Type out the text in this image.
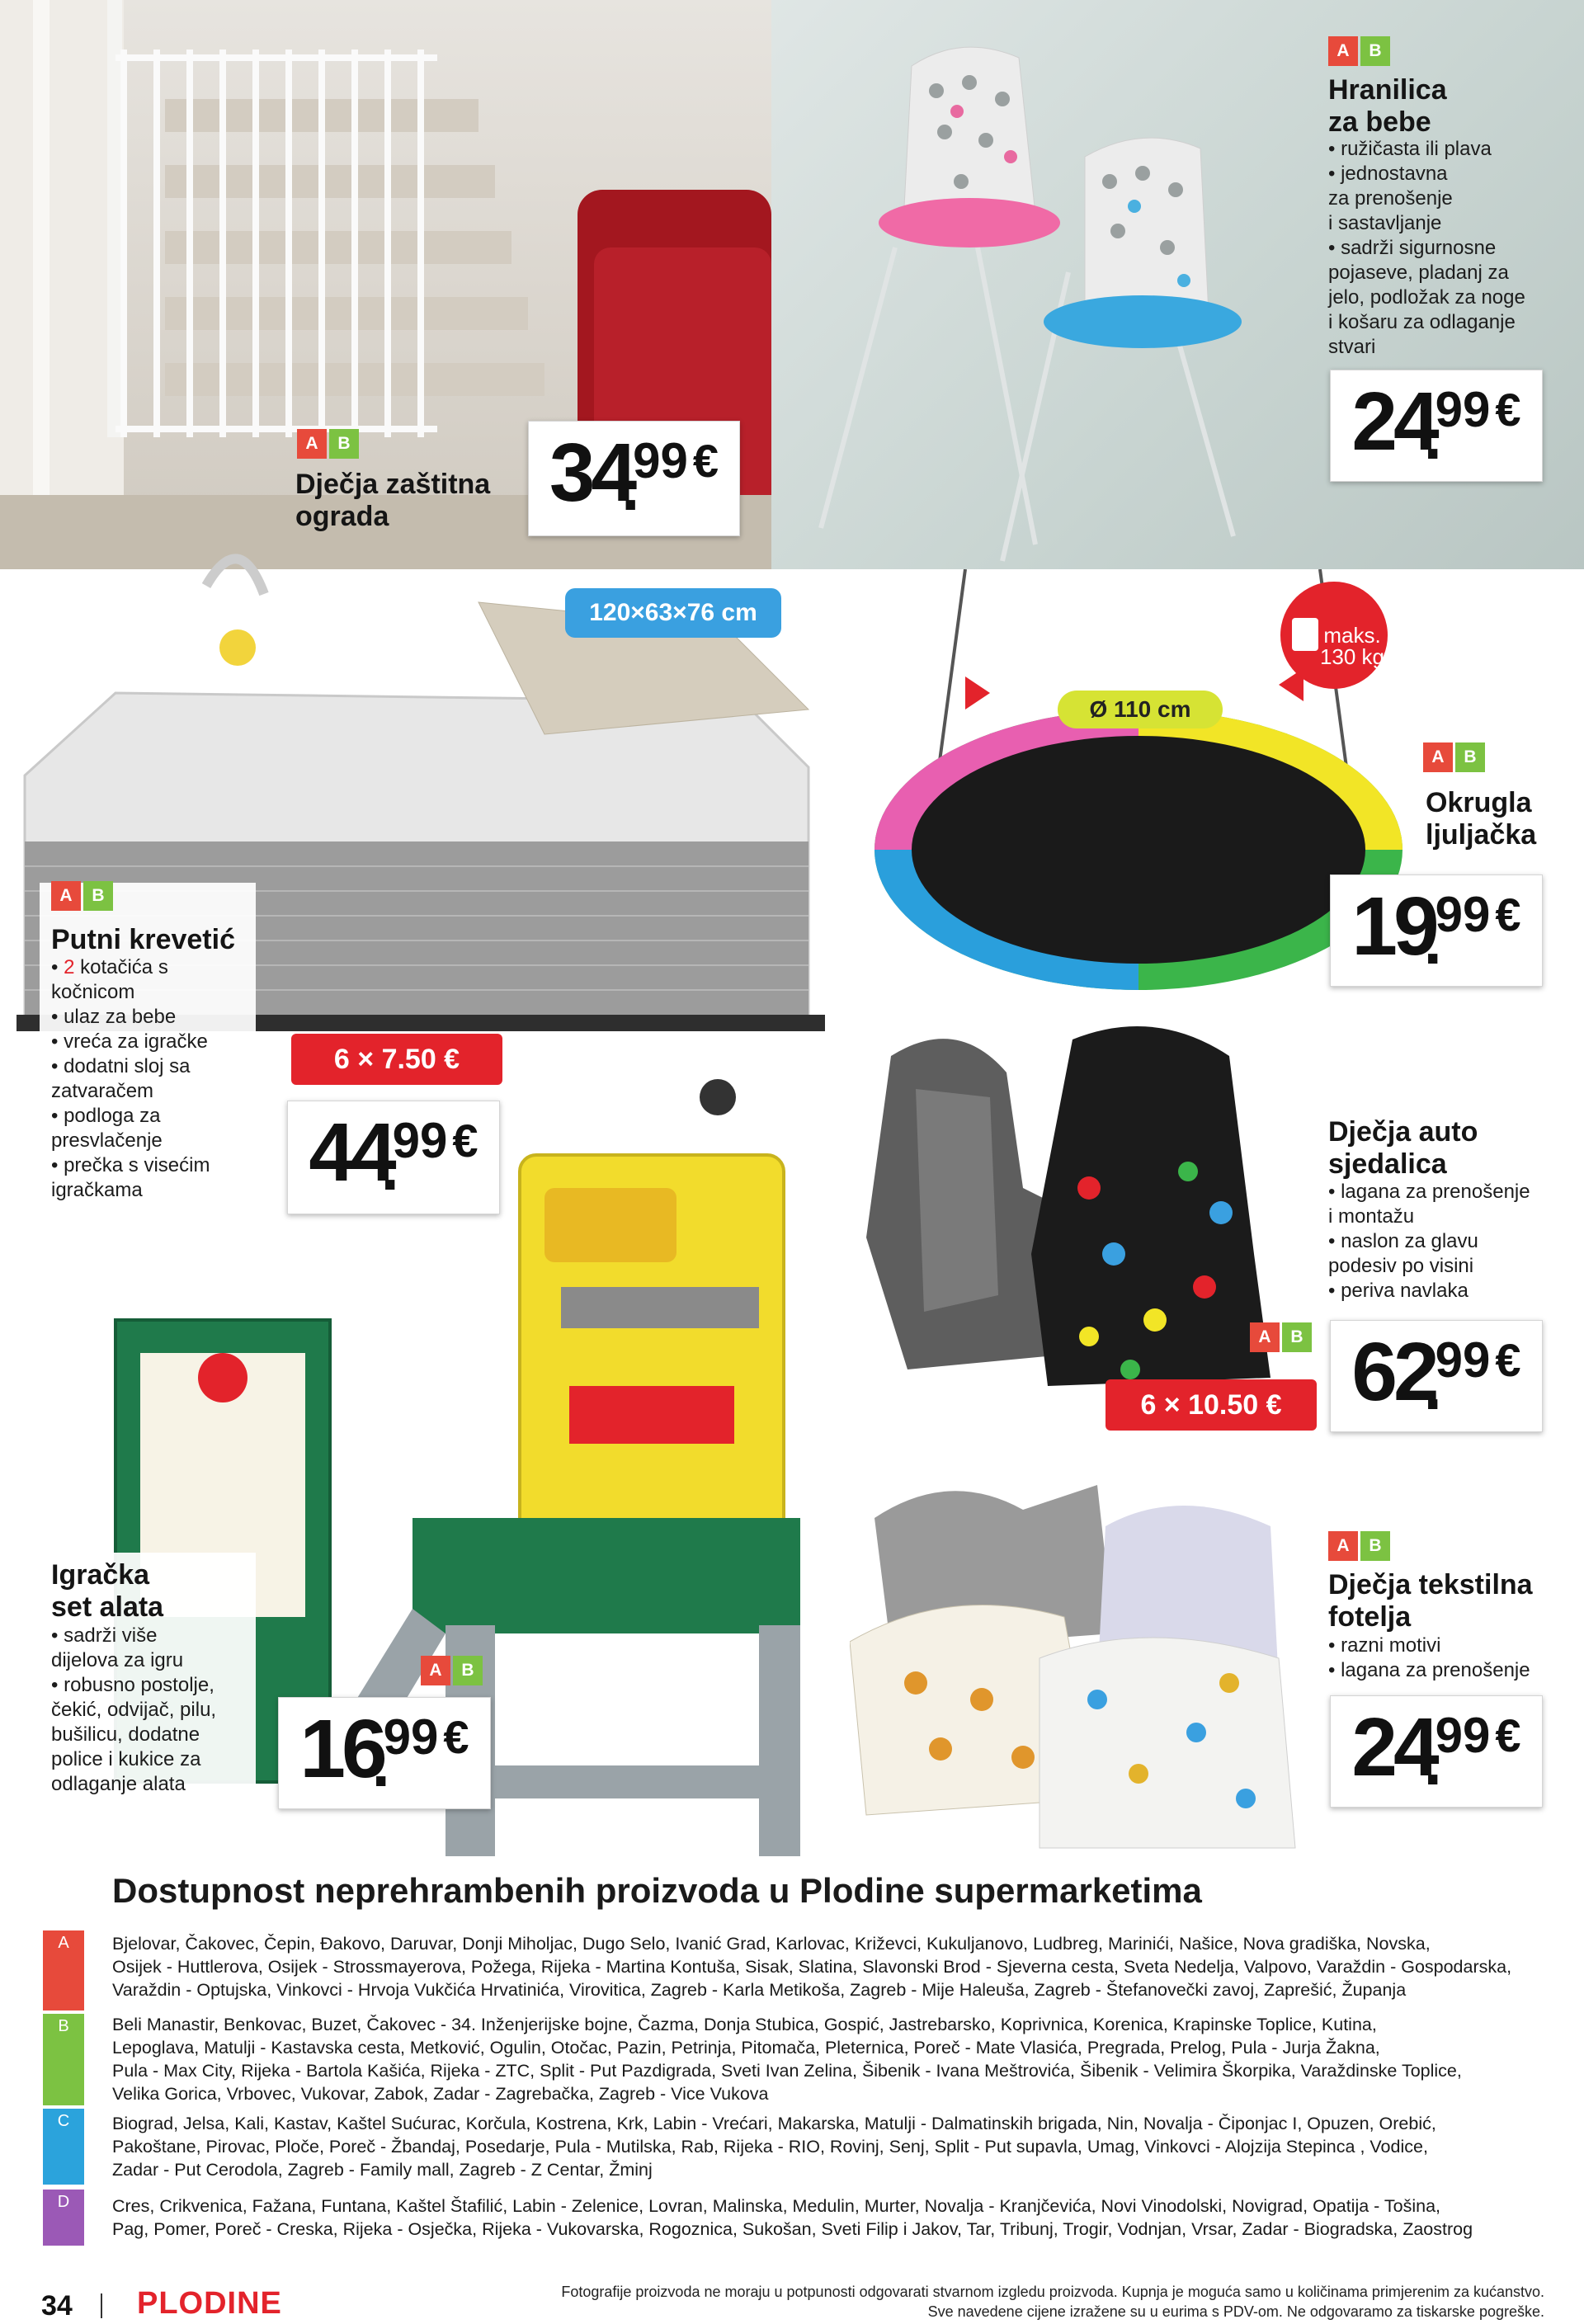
A	B
Dječja zaštitna
ograda	34 99 . €
A	B
Hranilica
za bebe
• ružičasta ili plava
• jednostavna
za prenošenje
i sastavljanje
• sadrži sigurnosne
pojaseve, pladanj za
jelo, podložak za noge
i košaru za odlaganje
stvari
24 99 . €
120×63×76 cm
A	B
Putni krevetić
• 2 kotačića s
kočnicom
• ulaz za bebe
• vreća za igračke
• dodatni sloj sa
zatvaračem
• podloga za
presvlačenje
• prečka s visećim
igračkama
6 × 7.50 €
44 99 . €
Ø 110 cm
maks.
130 kg
A	B
Okrugla
ljuljačka
19 99 . €
Dječja auto
sjedalica
• lagana za prenošenje
i montažu
• naslon za glavu
podesiv po visini
• periva navlaka
A	B
6 × 10.50 € 62 99 . €
Igračka
set alata
• sadrži više
dijelova za igru
• robusno postolje,
čekić, odvijač, pilu,
bušilicu, dodatne
police i kukice za
odlaganje alata
A	B
16 99 . €
A	B
Dječja tekstilna
fotelja
• razni motivi
• lagana za prenošenje
24 99 . €
Dostupnost neprehrambenih proizvoda u Plodine supermarketima
A Bjelovar, Čakovec, Čepin, Đakovo, Daruvar, Donji Miholjac, Dugo Selo, Ivanić Grad, Karlovac, Križevci, Kukuljanovo, Ludbreg, Marinići, Našice, Nova gradiška, Novska,
Osijek - Huttlerova, Osijek - Strossmayerova, Požega, Rijeka - Martina Kontuša, Sisak, Slatina, Slavonski Brod - Sjeverna cesta, Sveta Nedelja, Valpovo, Varaždin - Gospodarska,
Varaždin - Optujska, Vinkovci - Hrvoja Vukčića Hrvatinića, Virovitica, Zagreb - Karla Metikoša, Zagreb - Mije Haleuša, Zagreb - Štefanovečki zavoj, Zaprešić, Županja
B Beli Manastir, Benkovac, Buzet, Čakovec - 34. Inženjerijske bojne, Čazma, Donja Stubica, Gospić, Jastrebarsko, Koprivnica, Korenica, Krapinske Toplice, Kutina,
Lepoglava, Matulji - Kastavska cesta, Metković, Ogulin, Otočac, Pazin, Petrinja, Pitomača, Pleternica, Poreč - Mate Vlasića, Pregrada, Prelog, Pula - Jurja Žakna,
Pula - Max City, Rijeka - Bartola Kašića, Rijeka - ZTC, Split - Put Pazdigrada, Sveti Ivan Zelina, Šibenik - Ivana Meštrovića, Šibenik - Velimira Škorpika, Varaždinske Toplice,
Velika Gorica, Vrbovec, Vukovar, Zabok, Zadar - Zagrebačka, Zagreb - Vice Vukova
C Biograd, Jelsa, Kali, Kastav, Kaštel Sućurac, Korčula, Kostrena, Krk, Labin - Vrećari, Makarska, Matulji - Dalmatinskih brigada, Nin, Novalja - Čiponjac I, Opuzen, Orebić,
Pakoštane, Pirovac, Ploče, Poreč - Žbandaj, Posedarje, Pula - Mutilska, Rab, Rijeka - RIO, Rovinj, Senj, Split - Put supavla, Umag, Vinkovci - Alojzija Stepinca , Vodice,
Zadar - Put Cerodola, Zagreb - Family mall, Zagreb - Z Centar, Žminj
D Cres, Crikvenica, Fažana, Funtana, Kaštel Štafilić, Labin - Zelenice, Lovran, Malinska, Medulin, Murter, Novalja - Kranjčevića, Novi Vinodolski, Novigrad, Opatija - Tošina,
Pag, Pomer, Poreč - Creska, Rijeka - Osječka, Rijeka - Vukovarska, Rogoznica, Sukošan, Sveti Filip i Jakov, Tar, Tribunj, Trogir, Vodnjan, Vrsar, Zadar - Biogradska, Zaostrog
34 PLODINE	Fotografije proizvoda ne moraju u potpunosti odgovarati stvarnom izgledu proizvoda. Kupnja je moguća samo u količinama primjerenim za kućanstvo.
Sve navedene cijene izražene su u eurima s PDV-om. Ne odgovaramo za tiskarske pogreške.
